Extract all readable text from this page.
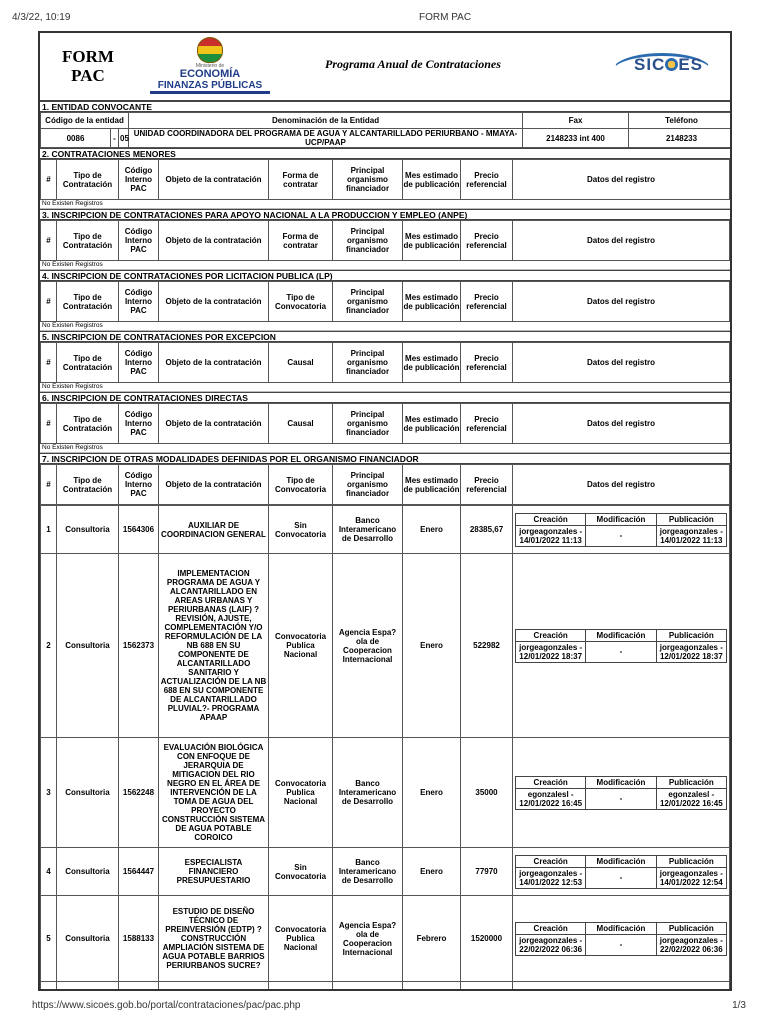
4/3/22, 10:19	FORM PAC
FORM
PAC	Ministerio de
ECONOMÍA
FINANZAS PÚBLICAS
Programa Anual de Contrataciones	SIC ES
1. ENTIDAD CONVOCANTE
Código de la entidad			Denominación de la Entidad	Fax	Teléfono
0086	-	05	UNIDAD COORDINADORA DEL PROGRAMA DE AGUA Y ALCANTARILLADO PERIURBANO - MMAYA-UCP/PAAP	2148233 int 400	2148233
2. CONTRATACIONES MENORES
#	Tipo de Contratación	Código Interno PAC	Objeto de la contratación	Forma de contratar	Principal organismo financiador	Mes estimado de publicación	Precio referencial	Datos del registro
No Existen Registros
3. INSCRIPCION DE CONTRATACIONES PARA APOYO NACIONAL A LA PRODUCCION Y EMPLEO (ANPE)
#	Tipo de Contratación	Código Interno PAC	Objeto de la contratación	Forma de contratar	Principal organismo financiador	Mes estimado de publicación	Precio referencial	Datos del registro
No Existen Registros
4. INSCRIPCION DE CONTRATACIONES POR LICITACION PUBLICA (LP)
#	Tipo de Contratación	Código Interno PAC	Objeto de la contratación	Tipo de Convocatoria	Principal organismo financiador	Mes estimado de publicación	Precio referencial	Datos del registro
No Existen Registros
5. INSCRIPCION DE CONTRATACIONES POR EXCEPCION
#	Tipo de Contratación	Código Interno PAC	Objeto de la contratación	Causal	Principal organismo financiador	Mes estimado de publicación	Precio referencial	Datos del registro
No Existen Registros
6. INSCRIPCION DE CONTRATACIONES DIRECTAS
#	Tipo de Contratación	Código Interno PAC	Objeto de la contratación	Causal	Principal organismo financiador	Mes estimado de publicación	Precio referencial	Datos del registro
No Existen Registros
7. INSCRIPCION DE OTRAS MODALIDADES DEFINIDAS POR EL ORGANISMO FINANCIADOR
#	Tipo de Contratación	Código Interno PAC	Objeto de la contratación	Tipo de Convocatoria	Principal organismo financiador	Mes estimado de publicación	Precio referencial	Datos del registro
1	Consultoria	1564306	AUXILIAR DE COORDINACION GENERAL	Sin Convocatoria	Banco Interamericano de Desarrollo	Enero	28385,67	
Creación	Modificación	Publicación
jorgeagonzales - 14/01/2022 11:13	-	jorgeagonzales - 14/01/2022 11:13

2	Consultoria	1562373	IMPLEMENTACION PROGRAMA DE AGUA Y ALCANTARILLADO EN AREAS URBANAS Y PERIURBANAS (LAIF) ?REVISIÓN, AJUSTE, COMPLEMENTACIÓN Y/O REFORMULACIÓN DE LA NB 688 EN SU COMPONENTE DE ALCANTARILLADO SANITARIO Y ACTUALIZACIÓN DE LA NB 688 EN SU COMPONENTE DE ALCANTARILLADO PLUVIAL?- PROGRAMA APAAP	Convocatoria Publica Nacional	Agencia Espa? ola de Cooperacion Internacional	Enero	522982	
Creación	Modificación	Publicación
jorgeagonzales - 12/01/2022 18:37	-	jorgeagonzales - 12/01/2022 18:37

3	Consultoria	1562248	EVALUACIÓN BIOLÓGICA CON ENFOQUE DE JERARQUIA DE MITIGACION DEL RIO NEGRO EN EL ÁREA DE INTERVENCIÓN DE LA TOMA DE AGUA DEL PROYECTO CONSTRUCCIÓN SISTEMA DE AGUA POTABLE COROICO	Convocatoria Publica Nacional	Banco Interamericano de Desarrollo	Enero	35000	
Creación	Modificación	Publicación
egonzalesl - 12/01/2022 16:45	-	egonzalesl - 12/01/2022 16:45

4	Consultoria	1564447	ESPECIALISTA FINANCIERO PRESUPUESTARIO	Sin Convocatoria	Banco Interamericano de Desarrollo	Enero	77970	
Creación	Modificación	Publicación
jorgeagonzales - 14/01/2022 12:53	-	jorgeagonzales - 14/01/2022 12:54

5	Consultoria	1588133	ESTUDIO DE DISEÑO TÉCNICO DE PREINVERSIÓN (EDTP) ? CONSTRUCCIÓN AMPLIACIÓN SISTEMA DE AGUA POTABLE BARRIOS PERIURBANOS SUCRE?	Convocatoria Publica Nacional	Agencia Espa? ola de Cooperacion Internacional	Febrero	1520000	
Creación	Modificación	Publicación
jorgeagonzales - 22/02/2022 06:36	-	jorgeagonzales - 22/02/2022 06:36

https://www.sicoes.gob.bo/portal/contrataciones/pac/pac.php	1/3
